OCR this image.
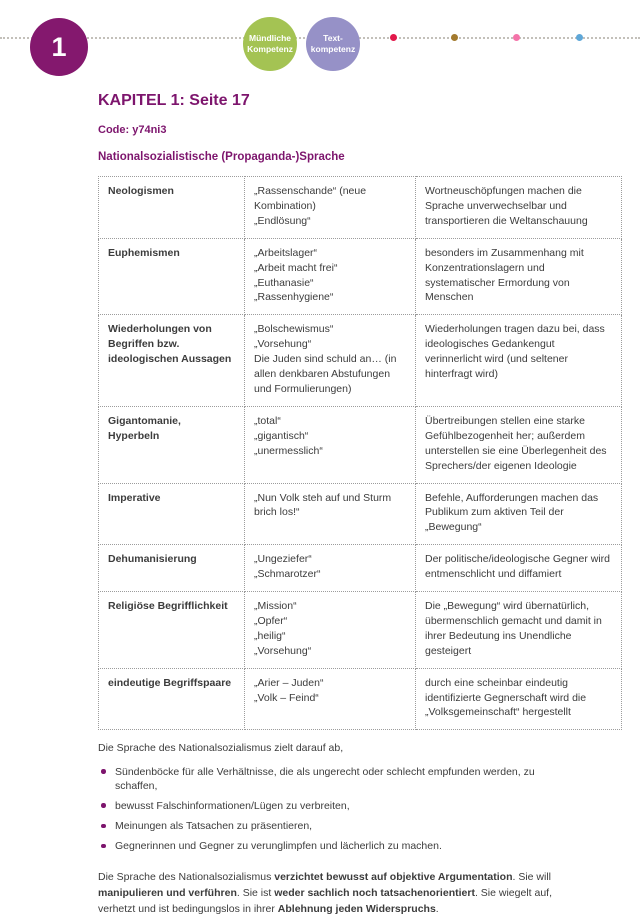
1	Mündliche
Kompetenz
Text-
kompetenz
KAPITEL 1: Seite 17

Code: y74ni3

Nationalsozialistische (Propaganda-)Sprache

Neologismen	„Rassenschande“ (neue Kombination)
„Endlösung“	Wortneuschöpfungen machen die Sprache unverwechselbar und transportieren die Weltanschauung
Euphemismen	„Arbeitslager“
„Arbeit macht frei“
„Euthanasie“
„Rassenhygiene“	besonders im Zusammenhang mit Konzentrationslagern und systematischer Ermordung von Menschen
Wiederholungen von Begriffen bzw. ideologischen Aussagen	„Bolschewismus“
„Vorsehung“
Die Juden sind schuld an… (in allen denkbaren Abstufungen und Formulierungen)	Wiederholungen tragen dazu bei, dass ideologisches Gedankengut verinnerlicht wird (und seltener hinterfragt wird)
Gigantomanie, Hyperbeln	„total“
„gigantisch“
„unermesslich“	Übertreibungen stellen eine starke Gefühlbezogenheit her; außerdem unterstellen sie eine Überlegenheit des Sprechers/der eigenen Ideologie
Imperative	„Nun Volk steh auf und Sturm brich los!“	Befehle, Aufforderungen machen das Publikum zum aktiven Teil der „Bewegung“
Dehumanisierung	„Ungeziefer“
„Schmarotzer“	Der politische/ideologische Gegner wird entmenschlicht und diffamiert
Religiöse Begrifflichkeit	„Mission“
„Opfer“
„heilig“
„Vorsehung“	Die „Bewegung“ wird übernatürlich, übermenschlich gemacht und damit in ihrer Bedeutung ins Unendliche gesteigert
eindeutige Begriffspaare	„Arier – Juden“
„Volk – Feind“	durch eine scheinbar eindeutig identifizierte Gegnerschaft wird die „Volksgemeinschaft“ hergestellt

Die Sprache des Nationalsozialismus zielt darauf ab,

Sündenböcke für alle Verhältnisse, die als ungerecht oder schlecht empfunden werden, zu schaffen,
bewusst Falschinformationen/Lügen zu verbreiten,
Meinungen als Tatsachen zu präsentieren,
Gegnerinnen und Gegner zu verunglimpfen und lächerlich zu machen.

Die Sprache des Nationalsozialismus verzichtet bewusst auf objektive Argumentation. Sie will manipulieren und verführen. Sie ist weder sachlich noch tatsachenorientiert. Sie wiegelt auf, verhetzt und ist bedingungslos in ihrer Ablehnung jeden Widerspruchs.
